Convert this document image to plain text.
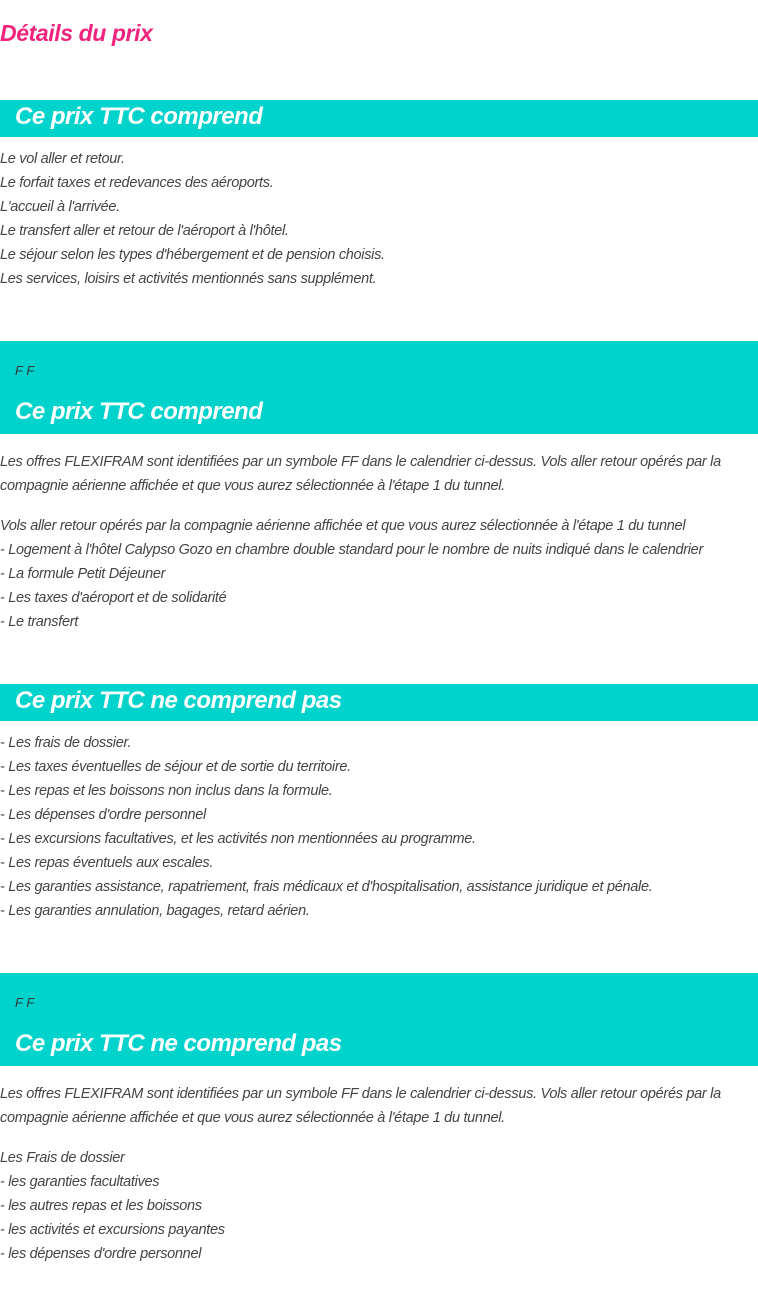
Détails du prix
Ce prix TTC comprend
Le vol aller et retour.
Le forfait taxes et redevances des aéroports.
L'accueil à l'arrivée.
Le transfert aller et retour de l'aéroport à l'hôtel.
Le séjour selon les types d'hébergement et de pension choisis.
Les services, loisirs et activités mentionnés sans supplément.
F F
Ce prix TTC comprend
Les offres FLEXIFRAM sont identifiées par un symbole FF dans le calendrier ci-dessus. Vols aller retour opérés par la compagnie aérienne affichée et que vous aurez sélectionnée à l'étape 1 du tunnel.
Vols aller retour opérés par la compagnie aérienne affichée et que vous aurez sélectionnée à l'étape 1 du tunnel
- Logement à l'hôtel Calypso Gozo en chambre double standard pour le nombre de nuits indiqué dans le calendrier
- La formule Petit Déjeuner
- Les taxes d'aéroport et de solidarité
- Le transfert
Ce prix TTC ne comprend pas
- Les frais de dossier.
- Les taxes éventuelles de séjour et de sortie du territoire.
- Les repas et les boissons non inclus dans la formule.
- Les dépenses d'ordre personnel
- Les excursions facultatives, et les activités non mentionnées au programme.
- Les repas éventuels aux escales.
- Les garanties assistance, rapatriement, frais médicaux et d'hospitalisation, assistance juridique et pénale.
- Les garanties annulation, bagages, retard aérien.
F F
Ce prix TTC ne comprend pas
Les offres FLEXIFRAM sont identifiées par un symbole FF dans le calendrier ci-dessus. Vols aller retour opérés par la compagnie aérienne affichée et que vous aurez sélectionnée à l'étape 1 du tunnel.
Les Frais de dossier
- les garanties facultatives
- les autres repas et les boissons
- les activités et excursions payantes
- les dépenses d'ordre personnel
